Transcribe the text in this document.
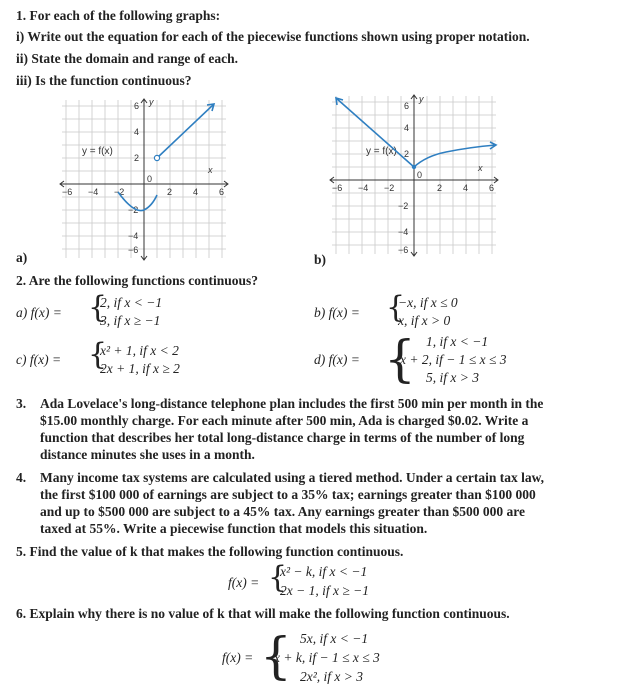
1. For each of the following graphs:
i) Write out the equation for each of the piecewise functions shown using proper notation.
ii) State the domain and range of each.
iii) Is the function continuous?
x
y
−6 −4 −2
0
2 4 6
6
4
2
−2
−4
−6
y = f(x)
a)
x
y
−6 −4 −2
0
2 4 6
6
4
2
−2
−4
−6
y = f(x)
b)
2. Are the following functions continuous?
a) f(x) = {
2, if x < −1
3, if x ≥ −1
b) f(x) = {
−x, if x ≤ 0
x, if x > 0
c) f(x) = {
x² + 1, if x < 2
2x + 1, if x ≥ 2
d) f(x) = { 1, if x < −1
x + 2, if − 1 ≤ x ≤ 3
5, if x > 3
3. Ada Lovelace's long-distance telephone plan includes the first 500 min per month in the
$15.00 monthly charge. For each minute after 500 min, Ada is charged $0.02. Write a
function that describes her total long-distance charge in terms of the number of long
distance minutes she uses in a month.
4. Many income tax systems are calculated using a tiered method. Under a certain tax law,
the first $100 000 of earnings are subject to a 35% tax; earnings greater than $100 000
and up to $500 000 are subject to a 45% tax. Any earnings greater than $500 000 are
taxed at 55%. Write a piecewise function that models this situation.
5. Find the value of k that makes the following function continuous.
f(x) = {
x² − k, if x < −1
2x − 1, if x ≥ −1
6. Explain why there is no value of k that will make the following function continuous.
f(x) = { 5x, if x < −1
x + k, if − 1 ≤ x ≤ 3
2x², if x > 3
